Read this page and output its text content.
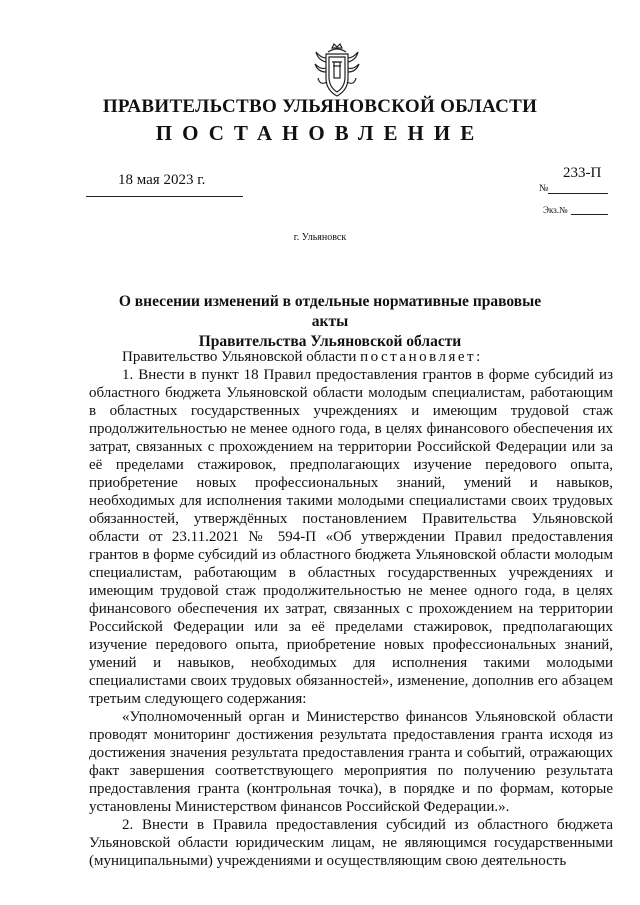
ПРАВИТЕЛЬСТВО УЛЬЯНОВСКОЙ ОБЛАСТИ
ПОСТАНОВЛЕНИЕ
18 мая 2023 г.
№
233-П
Экз.№
г. Ульяновск
О внесении изменений в отдельные нормативные правовые акты
Правительства Ульяновской области

Правительство Ульяновской области постановляет:

1. Внести в пункт 18 Правил предоставления грантов в форме субсидий из областного бюджета Ульяновской области молодым специалистам, работающим в областных государственных учреждениях и имеющим трудовой стаж продолжительностью не менее одного года, в целях финансового обеспечения их затрат, связанных с прохождением на территории Российской Федерации или за её пределами стажировок, предполагающих изучение передового опыта, приобретение новых профессиональных знаний, умений и навыков, необходимых для исполнения такими молодыми специалистами своих трудовых обязанностей, утверждённых постановлением Правительства Ульяновской области от 23.11.2021 № 594-П «Об утверждении Правил предоставления грантов в форме субсидий из областного бюджета Ульяновской области молодым специалистам, работающим в областных государственных учреждениях и имеющим трудовой стаж продолжительностью не менее одного года, в целях финансового обеспечения их затрат, связанных с прохождением на территории Российской Федерации или за её пределами стажировок, предполагающих изучение передового опыта, приобретение новых профессиональных знаний, умений и навыков, необходимых для исполнения такими молодыми специалистами своих трудовых обязанностей», изменение, дополнив его абзацем третьим следующего содержания:

«Уполномоченный орган и Министерство финансов Ульяновской области проводят мониторинг достижения результата предоставления гранта исходя из достижения значения результата предоставления гранта и событий, отражающих факт завершения соответствующего мероприятия по получению результата предоставления гранта (контрольная точка), в порядке и по формам, которые установлены Министерством финансов Российской Федерации.».

2. Внести в Правила предоставления субсидий из областного бюджета Ульяновской области юридическим лицам, не являющимся государственными (муниципальными) учреждениями и осуществляющим свою деятельность
